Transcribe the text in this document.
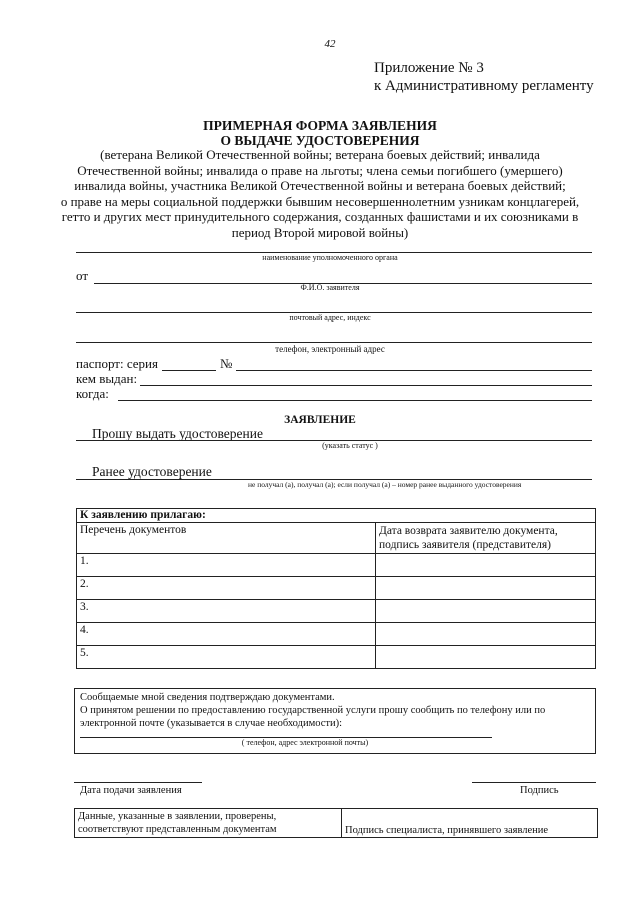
42
Приложение № 3
к Административному регламенту
ПРИМЕРНАЯ ФОРМА ЗАЯВЛЕНИЯ
О ВЫДАЧЕ УДОСТОВЕРЕНИЯ
(ветерана Великой Отечественной войны; ветерана боевых действий; инвалида
Отечественной войны; инвалида о праве на льготы; члена семьи погибшего (умершего)
инвалида войны, участника Великой Отечественной войны и ветерана боевых действий;
о праве на меры социальной поддержки бывшим несовершеннолетним узникам концлагерей,
гетто и других мест принудительного содержания, созданных фашистами и их союзниками в
период Второй мировой войны)
наименование уполномоченного органа
от
Ф.И.О. заявителя
почтовый адрес, индекс
телефон, электронный адрес
паспорт: серия	№
кем выдан:
когда:
ЗАЯВЛЕНИЕ
Прошу выдать удостоверение
(указать статус )
Ранее удостоверение
не получал (а), получал (а); если получал (а) – номер ранее выданного удостоверения
К заявлению прилагаю:	
Перечень документов	Дата возврата заявителю документа, подпись заявителя (представителя)
1.	
2.	
3.	
4.	
5.	
Сообщаемые мной сведения подтверждаю документами.
О принятом решении по предоставлению государственной услуги прошу сообщить по телефону или по
электронной почте (указывается в случае необходимости):
( телефон, адрес электронной почты)
Дата подачи заявления	Подпись
Данные, указанные в заявлении, проверены,
соответствуют представленным документам	Подпись специалиста, принявшего заявление
